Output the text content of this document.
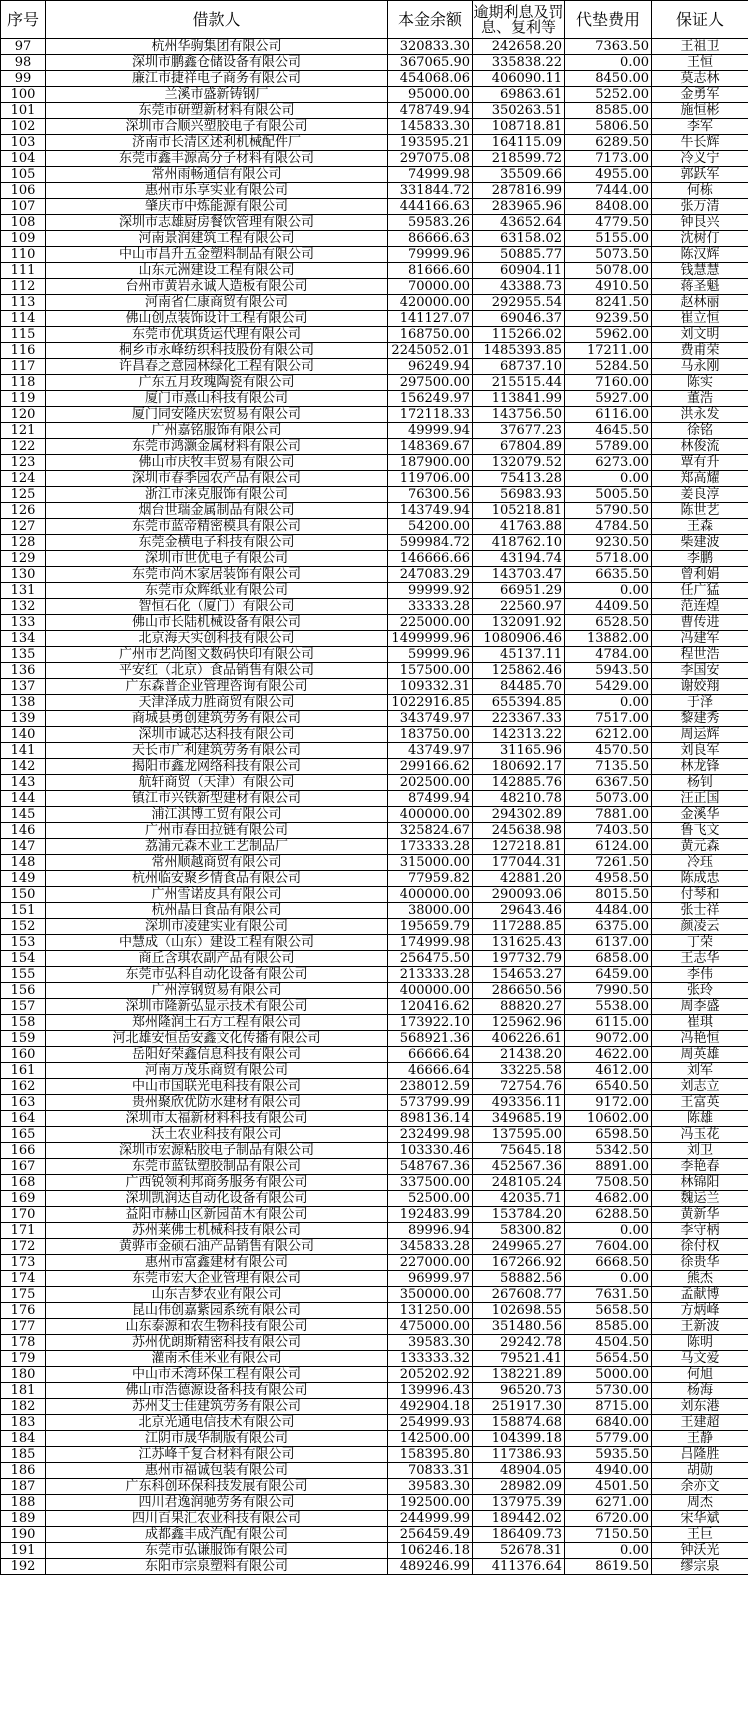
序号	借款人	本金余额	逾期利息及罚息、复利等	代垫费用	保证人
97	杭州华驹集团有限公司	320833.30	242658.20	7363.50	王祖卫
98	深圳市鹏鑫仓储设备有限公司	367065.90	335838.22	0.00	王恒
99	廉江市捷祥电子商务有限公司	454068.06	406090.11	8450.00	莫志林
100	兰溪市盛新铸钢厂	95000.00	69863.61	5252.00	金勇军
101	东莞市研塑新材料有限公司	478749.94	350263.51	8585.00	施恒彬
102	深圳市合顺兴塑胶电子有限公司	145833.30	108718.81	5806.50	李军
103	济南市长清区述利机械配件厂	193595.21	164115.09	6289.50	牛长辉
104	东莞市鑫丰源高分子材料有限公司	297075.08	218599.72	7173.00	冷义宁
105	常州雨畅通信有限公司	74999.98	35509.66	4955.00	郭跃军
106	惠州市乐享实业有限公司	331844.72	287816.99	7444.00	何栋
107	肇庆市中炼能源有限公司	444166.63	283965.96	8408.00	张万清
108	深圳市志雄厨房餐饮管理有限公司	59583.26	43652.64	4779.50	钟艮兴
109	河南景润建筑工程有限公司	86666.63	63158.02	5155.00	沈树仃
110	中山市昌升五金塑料制品有限公司	79999.96	50885.77	5073.50	陈汉辉
111	山东元洲建设工程有限公司	81666.60	60904.11	5078.00	钱慧慧
112	台州市黄岩永诚人造板有限公司	70000.00	43388.73	4910.50	蒋圣魁
113	河南省仁康商贸有限公司	420000.00	292955.54	8241.50	赵林丽
114	佛山创点装饰设计工程有限公司	141127.07	69046.37	9239.50	崔立恒
115	东莞市优琪货运代理有限公司	168750.00	115266.02	5962.00	刘文明
116	桐乡市永峰纺织科技股份有限公司	2245052.01	1485393.85	17211.00	费甫荣
117	许昌春之意园林绿化工程有限公司	96249.94	68737.10	5284.50	马永刚
118	广东五月玫瑰陶瓷有限公司	297500.00	215515.44	7160.00	陈实
119	厦门市熹山科技有限公司	156249.97	113841.99	5927.00	董浩
120	厦门同安隆庆宏贸易有限公司	172118.33	143756.50	6116.00	洪永发
121	广州嘉铭服饰有限公司	49999.94	37677.23	4645.50	徐铭
122	东莞市鸿灏金属材料有限公司	148369.67	67804.89	5789.00	林俊流
123	佛山市庆牧丰贸易有限公司	187900.00	132079.52	6273.00	覃有升
124	深圳市春季园农产品有限公司	119706.00	75413.28	0.00	郑高耀
125	浙江市涞克服饰有限公司	76300.56	56983.93	5005.50	姜良淳
126	烟台世瑞金属制品有限公司	143749.94	105218.81	5790.50	陈世艺
127	东莞市蓝帝精密模具有限公司	54200.00	41763.88	4784.50	王森
128	东莞金横电子科技有限公司	599984.72	418762.10	9230.50	柴建波
129	深圳市世优电子有限公司	146666.66	43194.74	5718.00	李鹏
130	东莞市尚木家居装饰有限公司	247083.29	143703.47	6635.50	曾利娟
131	东莞市众辉纸业有限公司	99999.92	66951.29	0.00	任广猛
132	智恒石化（厦门）有限公司	33333.28	22560.97	4409.50	范连煌
133	佛山市长陆机械设备有限公司	225000.00	132091.92	6528.50	曹传进
134	北京海天实创科技有限公司	1499999.96	1080906.46	13882.00	冯建军
135	广州市艺尚图文数码快印有限公司	59999.96	45137.11	4784.00	程世浩
136	平安红（北京）食品销售有限公司	157500.00	125862.46	5943.50	李国安
137	广东森普企业管理咨询有限公司	109332.31	84485.70	5429.00	谢姣翔
138	天津泽成力胜商贸有限公司	1022916.85	655394.85	0.00	于泽
139	商城县勇创建筑劳务有限公司	343749.97	223367.33	7517.00	黎建秀
140	深圳市诚芯达科技有限公司	183750.00	142313.22	6212.00	周运辉
141	天长市广利建筑劳务有限公司	43749.97	31165.96	4570.50	刘良军
142	揭阳市鑫龙网络科技有限公司	299166.62	180692.17	7135.50	林龙锋
143	航轩商贸（天津）有限公司	202500.00	142885.76	6367.50	杨钊
144	镇江市兴铁新型建材有限公司	87499.94	48210.78	5073.00	汪正国
145	浦江淇博工贸有限公司	400000.00	294302.89	7881.00	金溪华
146	广州市春田拉链有限公司	325824.67	245638.98	7403.50	鲁飞文
147	荔浦元森木业工艺制品厂	173333.28	127218.81	6124.00	黄元森
148	常州顺越商贸有限公司	315000.00	177044.31	7261.50	冷珏
149	杭州临安聚乡情食品有限公司	77959.82	42881.20	4958.50	陈成忠
150	广州雪诺皮具有限公司	400000.00	290093.06	8015.50	付琴和
151	杭州晶日食品有限公司	38000.00	29643.46	4484.00	张士祥
152	深圳市凌建实业有限公司	195659.79	117288.85	6375.00	颜凌云
153	中慧成（山东）建设工程有限公司	174999.98	131625.43	6137.00	丁荣
154	商丘含琪农副产品有限公司	256475.50	197732.79	6858.00	王志华
155	东莞市弘科自动化设备有限公司	213333.28	154653.27	6459.00	李伟
156	广州淳钢贸易有限公司	400000.00	286650.56	7990.50	张玲
157	深圳市隆新弘显示技术有限公司	120416.62	88820.27	5538.00	周李盛
158	郑州隆润土石方工程有限公司	173922.10	125962.96	6115.00	崔琪
159	河北雄安恒岳安鑫文化传播有限公司	568921.36	406226.61	9072.00	冯艳恒
160	岳阳好荣鑫信息科技有限公司	66666.64	21438.20	4622.00	周英雄
161	河南万茂乐商贸有限公司	46666.64	33225.58	4612.00	刘军
162	中山市国联光电科技有限公司	238012.59	72754.76	6540.50	刘志立
163	贵州聚欣优防水建材有限公司	573799.99	493356.11	9172.00	王富英
164	深圳市太福新材料科技有限公司	898136.14	349685.19	10602.00	陈雄
165	沃土农业科技有限公司	232499.98	137595.00	6598.50	冯玉花
166	深圳市宏源粘胶电子制品有限公司	103330.46	75645.18	5342.50	刘卫
167	东莞市蓝钛塑胶制品有限公司	548767.36	452567.36	8891.00	李艳春
168	广西锐领利邦商务服务有限公司	337500.00	248105.24	7508.50	林锦阳
169	深圳凯润达自动化设备有限公司	52500.00	42035.71	4682.00	魏运兰
170	益阳市赫山区新园苗木有限公司	192483.99	153784.20	6288.50	黄新华
171	苏州莱佛士机械科技有限公司	89996.94	58300.82	0.00	李守柄
172	黄骅市金硕石油产品销售有限公司	345833.28	249965.27	7604.00	徐付权
173	惠州市富鑫建材有限公司	227000.00	167266.92	6668.50	徐贵华
174	东莞市宏大企业管理有限公司	96999.97	58882.56	0.00	熊杰
175	山东吉梦农业有限公司	350000.00	267608.77	7631.50	孟献博
176	昆山伟创嘉紫园系统有限公司	131250.00	102698.55	5658.50	方炳峰
177	山东泰源和农生物科技有限公司	475000.00	351480.56	8585.00	王新波
178	苏州优朗斯精密科技有限公司	39583.30	29242.78	4504.50	陈明
179	灌南禾佳米业有限公司	133333.32	79521.41	5654.50	马文爱
180	中山市禾湾环保工程有限公司	205202.92	138221.89	5000.00	何旭
181	佛山市浩德源设备科技有限公司	139996.43	96520.73	5730.00	杨海
182	苏州艾士佳建筑劳务有限公司	492904.18	251917.30	8715.00	刘东港
183	北京光通电信技术有限公司	254999.93	158874.68	6840.00	王建超
184	江阴市晟华制版有限公司	142500.00	104399.18	5779.00	王静
185	江苏峰千复合材料有限公司	158395.80	117386.93	5935.50	吕隆胜
186	惠州市福诚包装有限公司	70833.31	48904.05	4940.00	胡勋
187	广东科创环保科技发展有限公司	39583.30	28982.09	4501.50	余亦文
188	四川君逸润驰劳务有限公司	192500.00	137975.39	6271.00	周杰
189	四川百果汇农业科技有限公司	244999.99	189442.02	6720.00	宋华斌
190	成都鑫丰成汽配有限公司	256459.49	186409.73	7150.50	王巨
191	东莞市弘谦服饰有限公司	106246.18	52678.31	0.00	钟沃光
192	东阳市宗泉塑料有限公司	489246.99	411376.64	8619.50	缪宗泉
